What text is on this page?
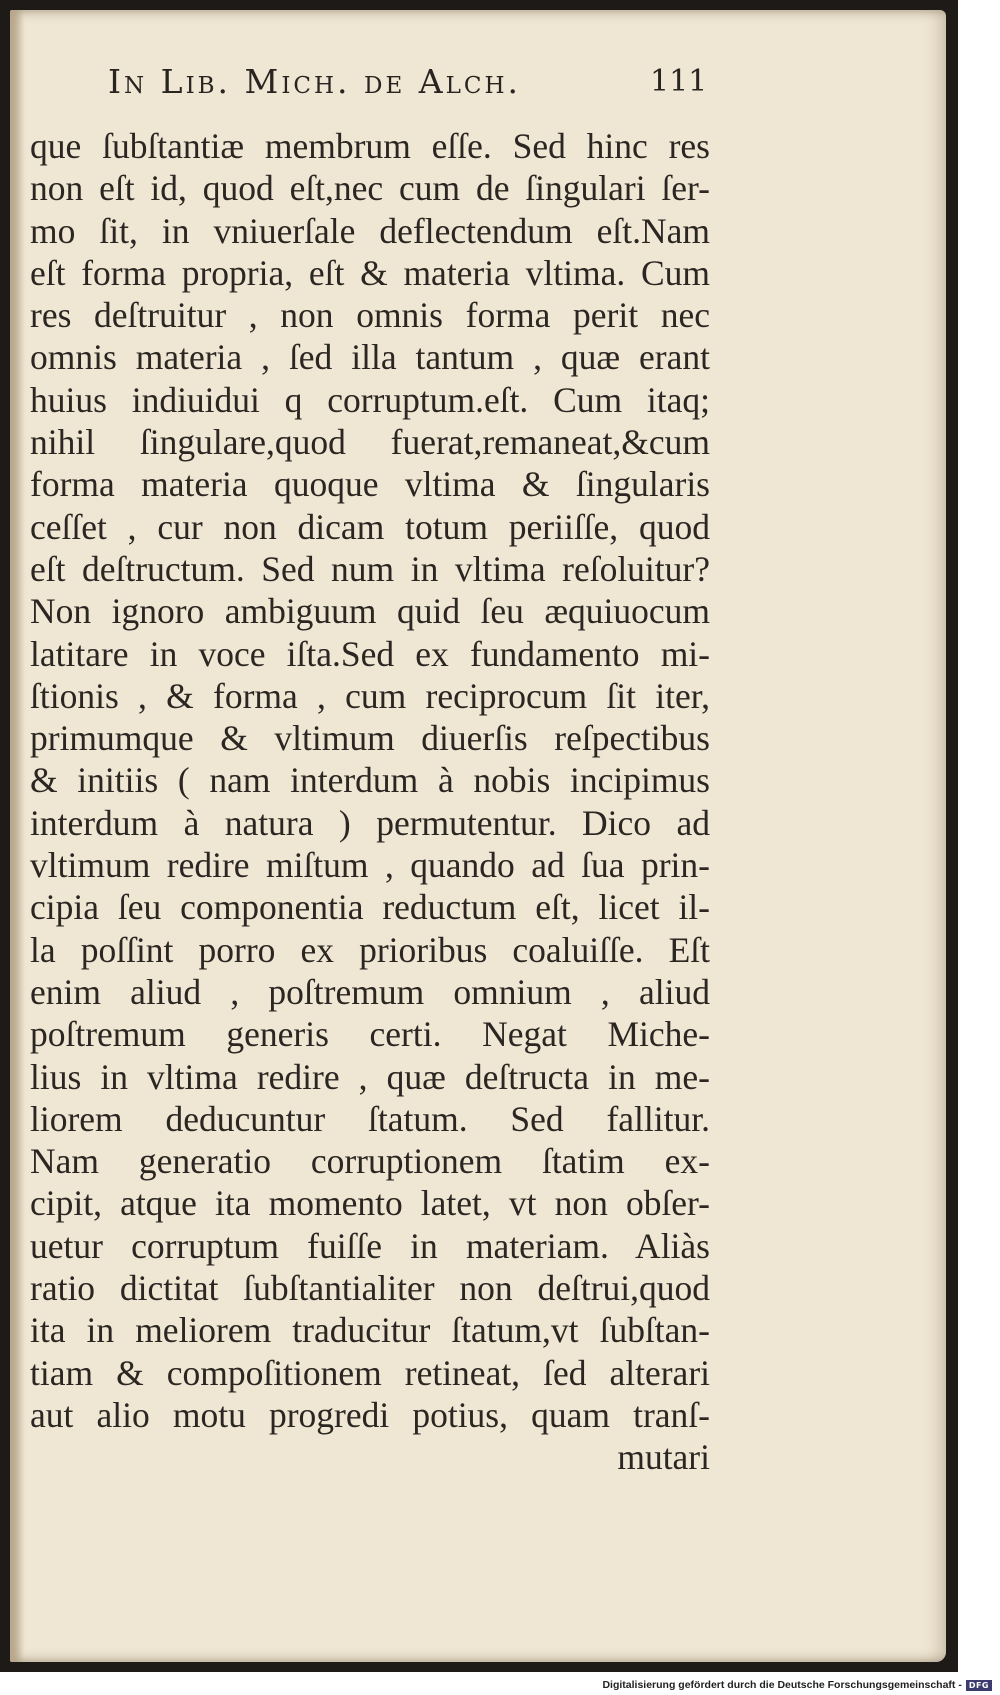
In Lib. Mich. de Alch.	111
que ſubſtantiæ membrum eſſe. Sed hinc res
non eſt id, quod eſt,nec cum de ſingulari ſer-
mo ſit, in vniuerſale deflectendum eſt.Nam
eſt forma propria, eſt & materia vltima. Cum
res deſtruitur , non omnis forma perit nec
omnis materia , ſed illa tantum , quæ erant
huius indiuidui q corruptum.eſt. Cum itaq;
nihil ſingulare,quod fuerat,remaneat,&cum
forma materia quoque vltima & ſingularis
ceſſet , cur non dicam totum periiſſe, quod
eſt deſtructum. Sed num in vltima reſoluitur?
Non ignoro ambiguum quid ſeu æquiuocum
latitare in voce iſta.Sed ex fundamento mi-
ſtionis , & forma , cum reciprocum ſit iter,
primumque & vltimum diuerſis reſpectibus
& initiis ( nam interdum à nobis incipimus
interdum à natura ) permutentur. Dico ad
vltimum redire miſtum , quando ad ſua prin-
cipia ſeu componentia reductum eſt, licet il-
la poſſint porro ex prioribus coaluiſſe. Eſt
enim aliud , poſtremum omnium , aliud
poſtremum generis certi. Negat Miche-
lius in vltima redire , quæ deſtructa in me-
liorem deducuntur ſtatum. Sed fallitur.
Nam generatio corruptionem ſtatim ex-
cipit, atque ita momento latet, vt non obſer-
uetur corruptum fuiſſe in materiam. Aliàs
ratio dictitat ſubſtantialiter non deſtrui,quod
ita in meliorem traducitur ſtatum,vt ſubſtan-
tiam & compoſitionem retineat, ſed alterari
aut alio motu progredi potius, quam tranſ-
mutari
Digitalisierung gefördert durch die Deutsche Forschungsgemeinschaft - DFG
